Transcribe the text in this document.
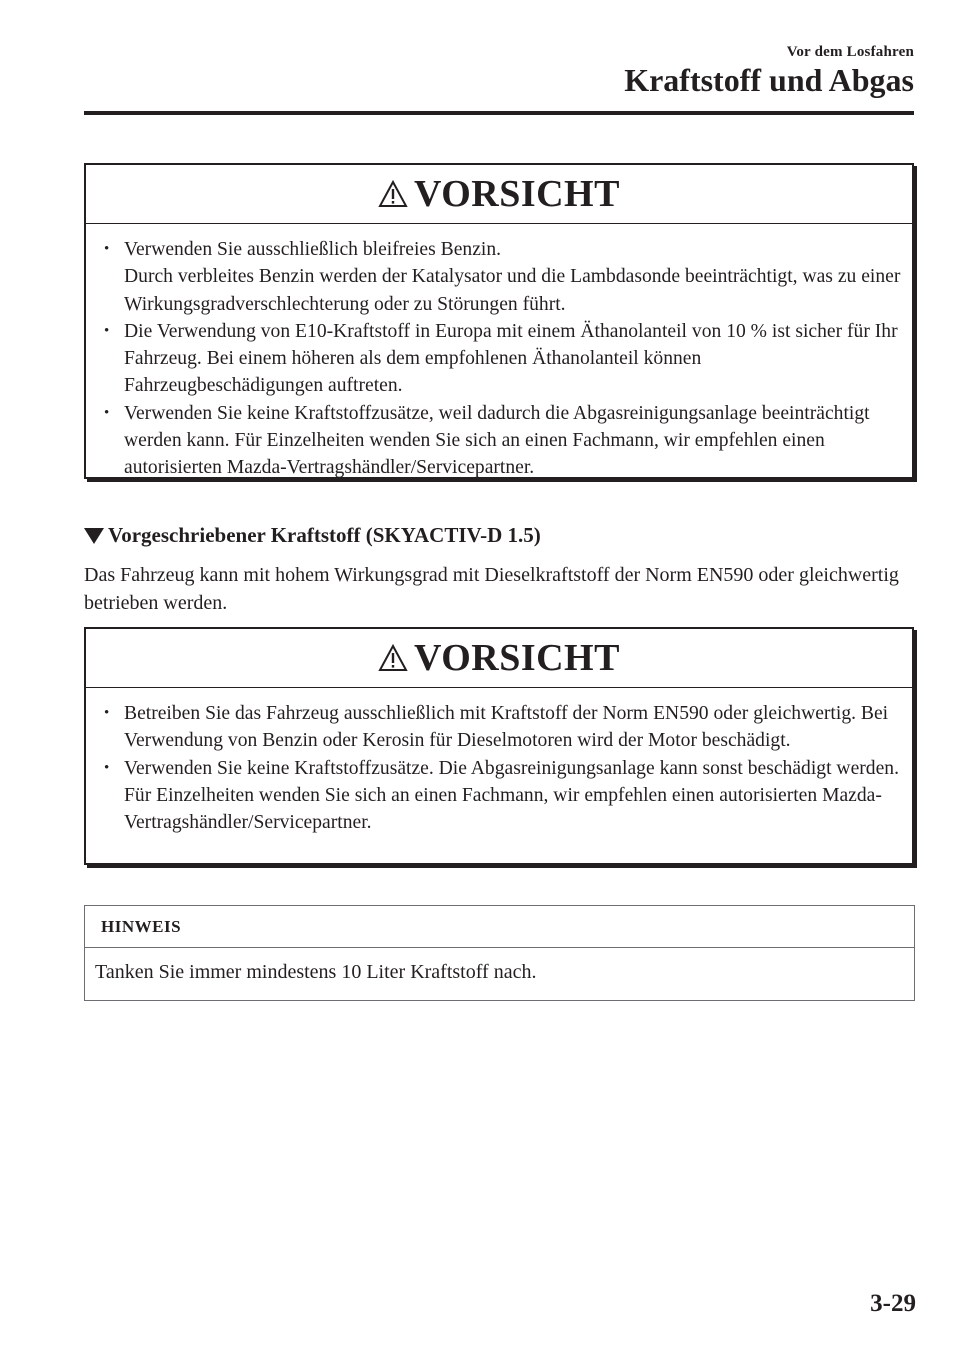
Vor dem Losfahren
Kraftstoff und Abgas
VORSICHT
• Verwenden Sie ausschließlich bleifreies Benzin.
Durch verbleites Benzin werden der Katalysator und die Lambdasonde beeinträchtigt, was zu einer Wirkungsgradverschlechterung oder zu Störungen führt.
• Die Verwendung von E10-Kraftstoff in Europa mit einem Äthanolanteil von 10 % ist sicher für Ihr Fahrzeug. Bei einem höheren als dem empfohlenen Äthanolanteil können Fahrzeugbeschädigungen auftreten.
• Verwenden Sie keine Kraftstoffzusätze, weil dadurch die Abgasreinigungsanlage beeinträchtigt werden kann. Für Einzelheiten wenden Sie sich an einen Fachmann, wir empfehlen einen autorisierten Mazda-Vertragshändler/Servicepartner.
Vorgeschriebener Kraftstoff (SKYACTIV-D 1.5)
Das Fahrzeug kann mit hohem Wirkungsgrad mit Dieselkraftstoff der Norm EN590 oder gleichwertig betrieben werden.
VORSICHT
• Betreiben Sie das Fahrzeug ausschließlich mit Kraftstoff der Norm EN590 oder gleichwertig. Bei Verwendung von Benzin oder Kerosin für Dieselmotoren wird der Motor beschädigt.
• Verwenden Sie keine Kraftstoffzusätze. Die Abgasreinigungsanlage kann sonst beschädigt werden. Für Einzelheiten wenden Sie sich an einen Fachmann, wir empfehlen einen autorisierten Mazda-Vertragshändler/Servicepartner.
HINWEIS
Tanken Sie immer mindestens 10 Liter Kraftstoff nach.
3-29
